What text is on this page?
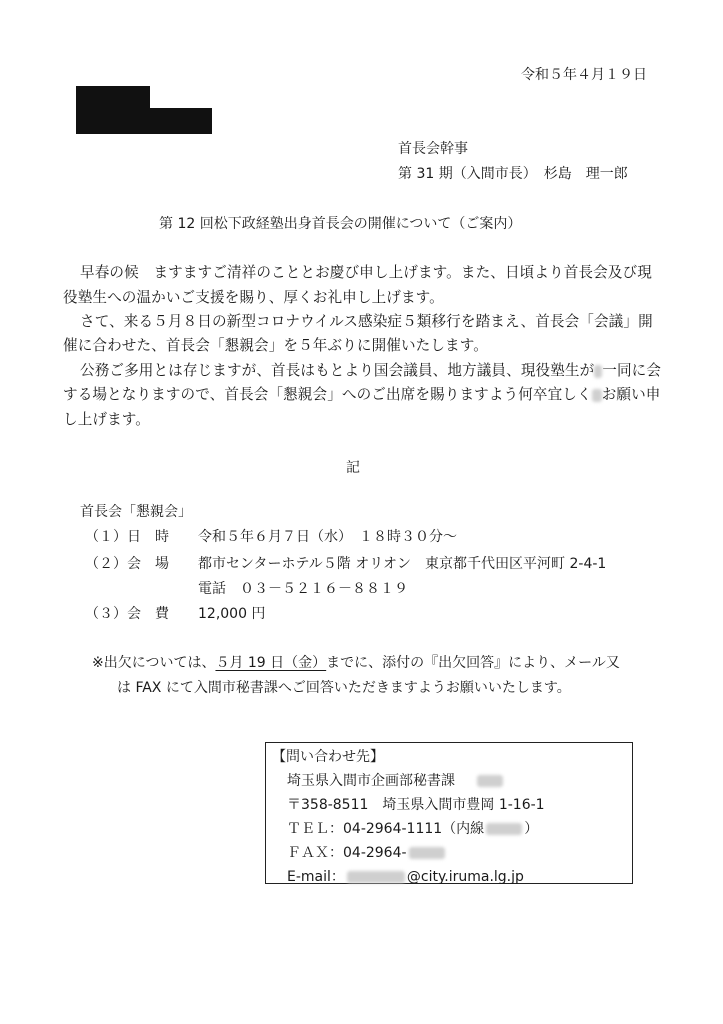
令和５年４月１９日
首長会幹事
第 31 期（入間市長）　杉島　理一郎
第 12 回松下政経塾出身首長会の開催について（ご案内）
早春の候　ますますご清祥のこととお慶び申し上げます。また、日頃より首長会及び現
役塾生への温かいご支援を賜り、厚くお礼申し上げます。
さて、来る５月８日の新型コロナウイルス感染症５類移行を踏まえ、首長会「会議」開
催に合わせた、首長会「懇親会」を５年ぶりに開催いたします。
公務ご多用とは存じますが、首長はもとより国会議員、地方議員、現役塾生が 一同に会
する場となりますので、首長会「懇親会」へのご出席を賜りますよう何卒宜しく お願い申
し上げます。
記
首長会「懇親会」
（１）日　時 令和５年６月７日（水）　１８時３０分～
（２）会　場 都市センターホテル５階 オリオン　東京都千代田区平河町 2-4-1
電話　０３－５２１６－８８１９
（３）会　費 12,000 円
※出欠については、５月 19 日（金）までに、添付の『出欠回答』により、メール又
は FAX にて入間市秘書課へご回答いただきますようお願いいたします。
【問い合わせ先】
埼玉県入間市企画部秘書課
〒358-8511　埼玉県入間市豊岡 1-16-1
ＴＥＬ：04-2964-1111（内線	）
ＦＡＸ：04-2964-
E-mail：	@city.iruma.lg.jp
